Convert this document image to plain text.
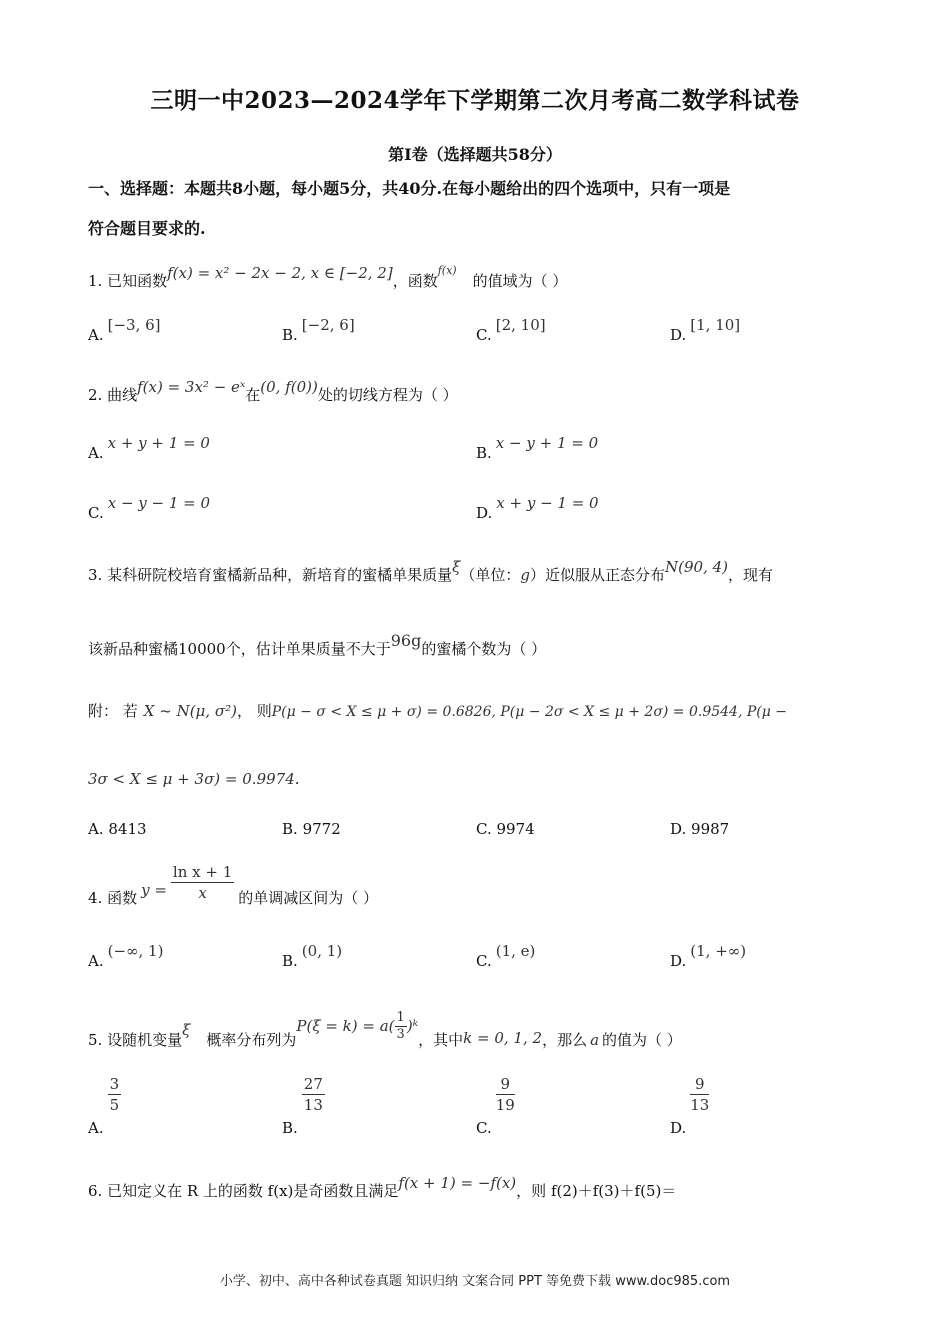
三明一中2023—2024学年下学期第二次月考高二数学科试卷
第Ⅰ卷（选择题共58分）
一、选择题：本题共8小题，每小题5分，共40分.在每小题给出的四个选项中，只有一项是
符合题目要求的.
1. 已知函数f(x) = x² − 2x − 2, x ∈ [−2, 2]，函数$^{f(x)}$的值域为（ ）
A.[−3, 6]
B.[−2, 6]
C.[2, 10]
D.[1, 10]
2. 曲线f(x) = 3x² − eˣ在(0, f(0))处的切线方程为（ ）
A.x + y + 1 = 0
B.x − y + 1 = 0
C.x − y − 1 = 0
D.x + y − 1 = 0
3. 某科研院校培育蜜橘新品种，新培育的蜜橘单果质量ξ（单位：g）近似服从正态分布N(90, 4)，现有
该新品种蜜橘10000个，估计单果质量不大于96g的蜜橘个数为（ ）
附： 若 X ~ N(μ, σ²)， 则P(μ − σ < X ≤ μ + σ) = 0.6826, P(μ − 2σ < X ≤ μ + 2σ) = 0.9544, P(μ −
3σ < X ≤ μ + 3σ) = 0.9974.
A. 8413	B. 9772	C. 9974	D. 9987
4. 函数 $y = \frac{\text{ln x + 1}}{x}$ 的单调减区间为（ ）
A.(−∞, 1)
B.(0, 1)
C.(1, e)
D.(1, +∞)
5. 设随机变量ξ概率分布列为$P(\xi = k) = a( \frac{1}{3}$ )ᵏ，其中k = 0, 1, 2，那么 a 的值为（ ）
A.
$\frac{3}{5}$
B.
$\frac{27}{13}$
C.
$\frac{9}{19}$
D.
$\frac{9}{13}$
6. 已知定义在 R 上的函数 f(x)是奇函数且满足f(x + 1) = −f(x)，则 f(2)＋f(3)＋f(5)＝
小学、初中、高中各种试卷真题 知识归纳 文案合同 PPT 等免费下载 www.doc985.com
